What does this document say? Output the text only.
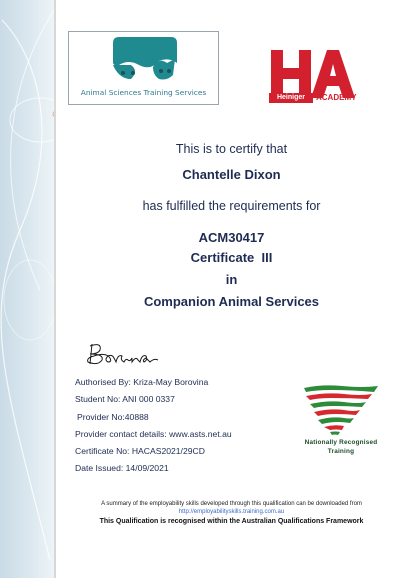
Animal Sciences Training Services
Heiniger	ACADEMY
This is to certify that
Chantelle Dixon
has fulfilled the requirements for
ACM30417
Certificate  III
in
Companion Animal Services
Authorised By: Kriza-May Borovina
Student No: ANI 000 0337
Provider No:40888
Provider contact details: www.asts.net.au
Certificate No: HACAS2021/29CD
Date Issued: 14/09/2021
Nationally Recognised
Training
A summary of the employability skills developed through this qualification can be downloaded from
http://employabilityskills.training.com.au
This Qualification is recognised within the Australian Qualifications Framework
